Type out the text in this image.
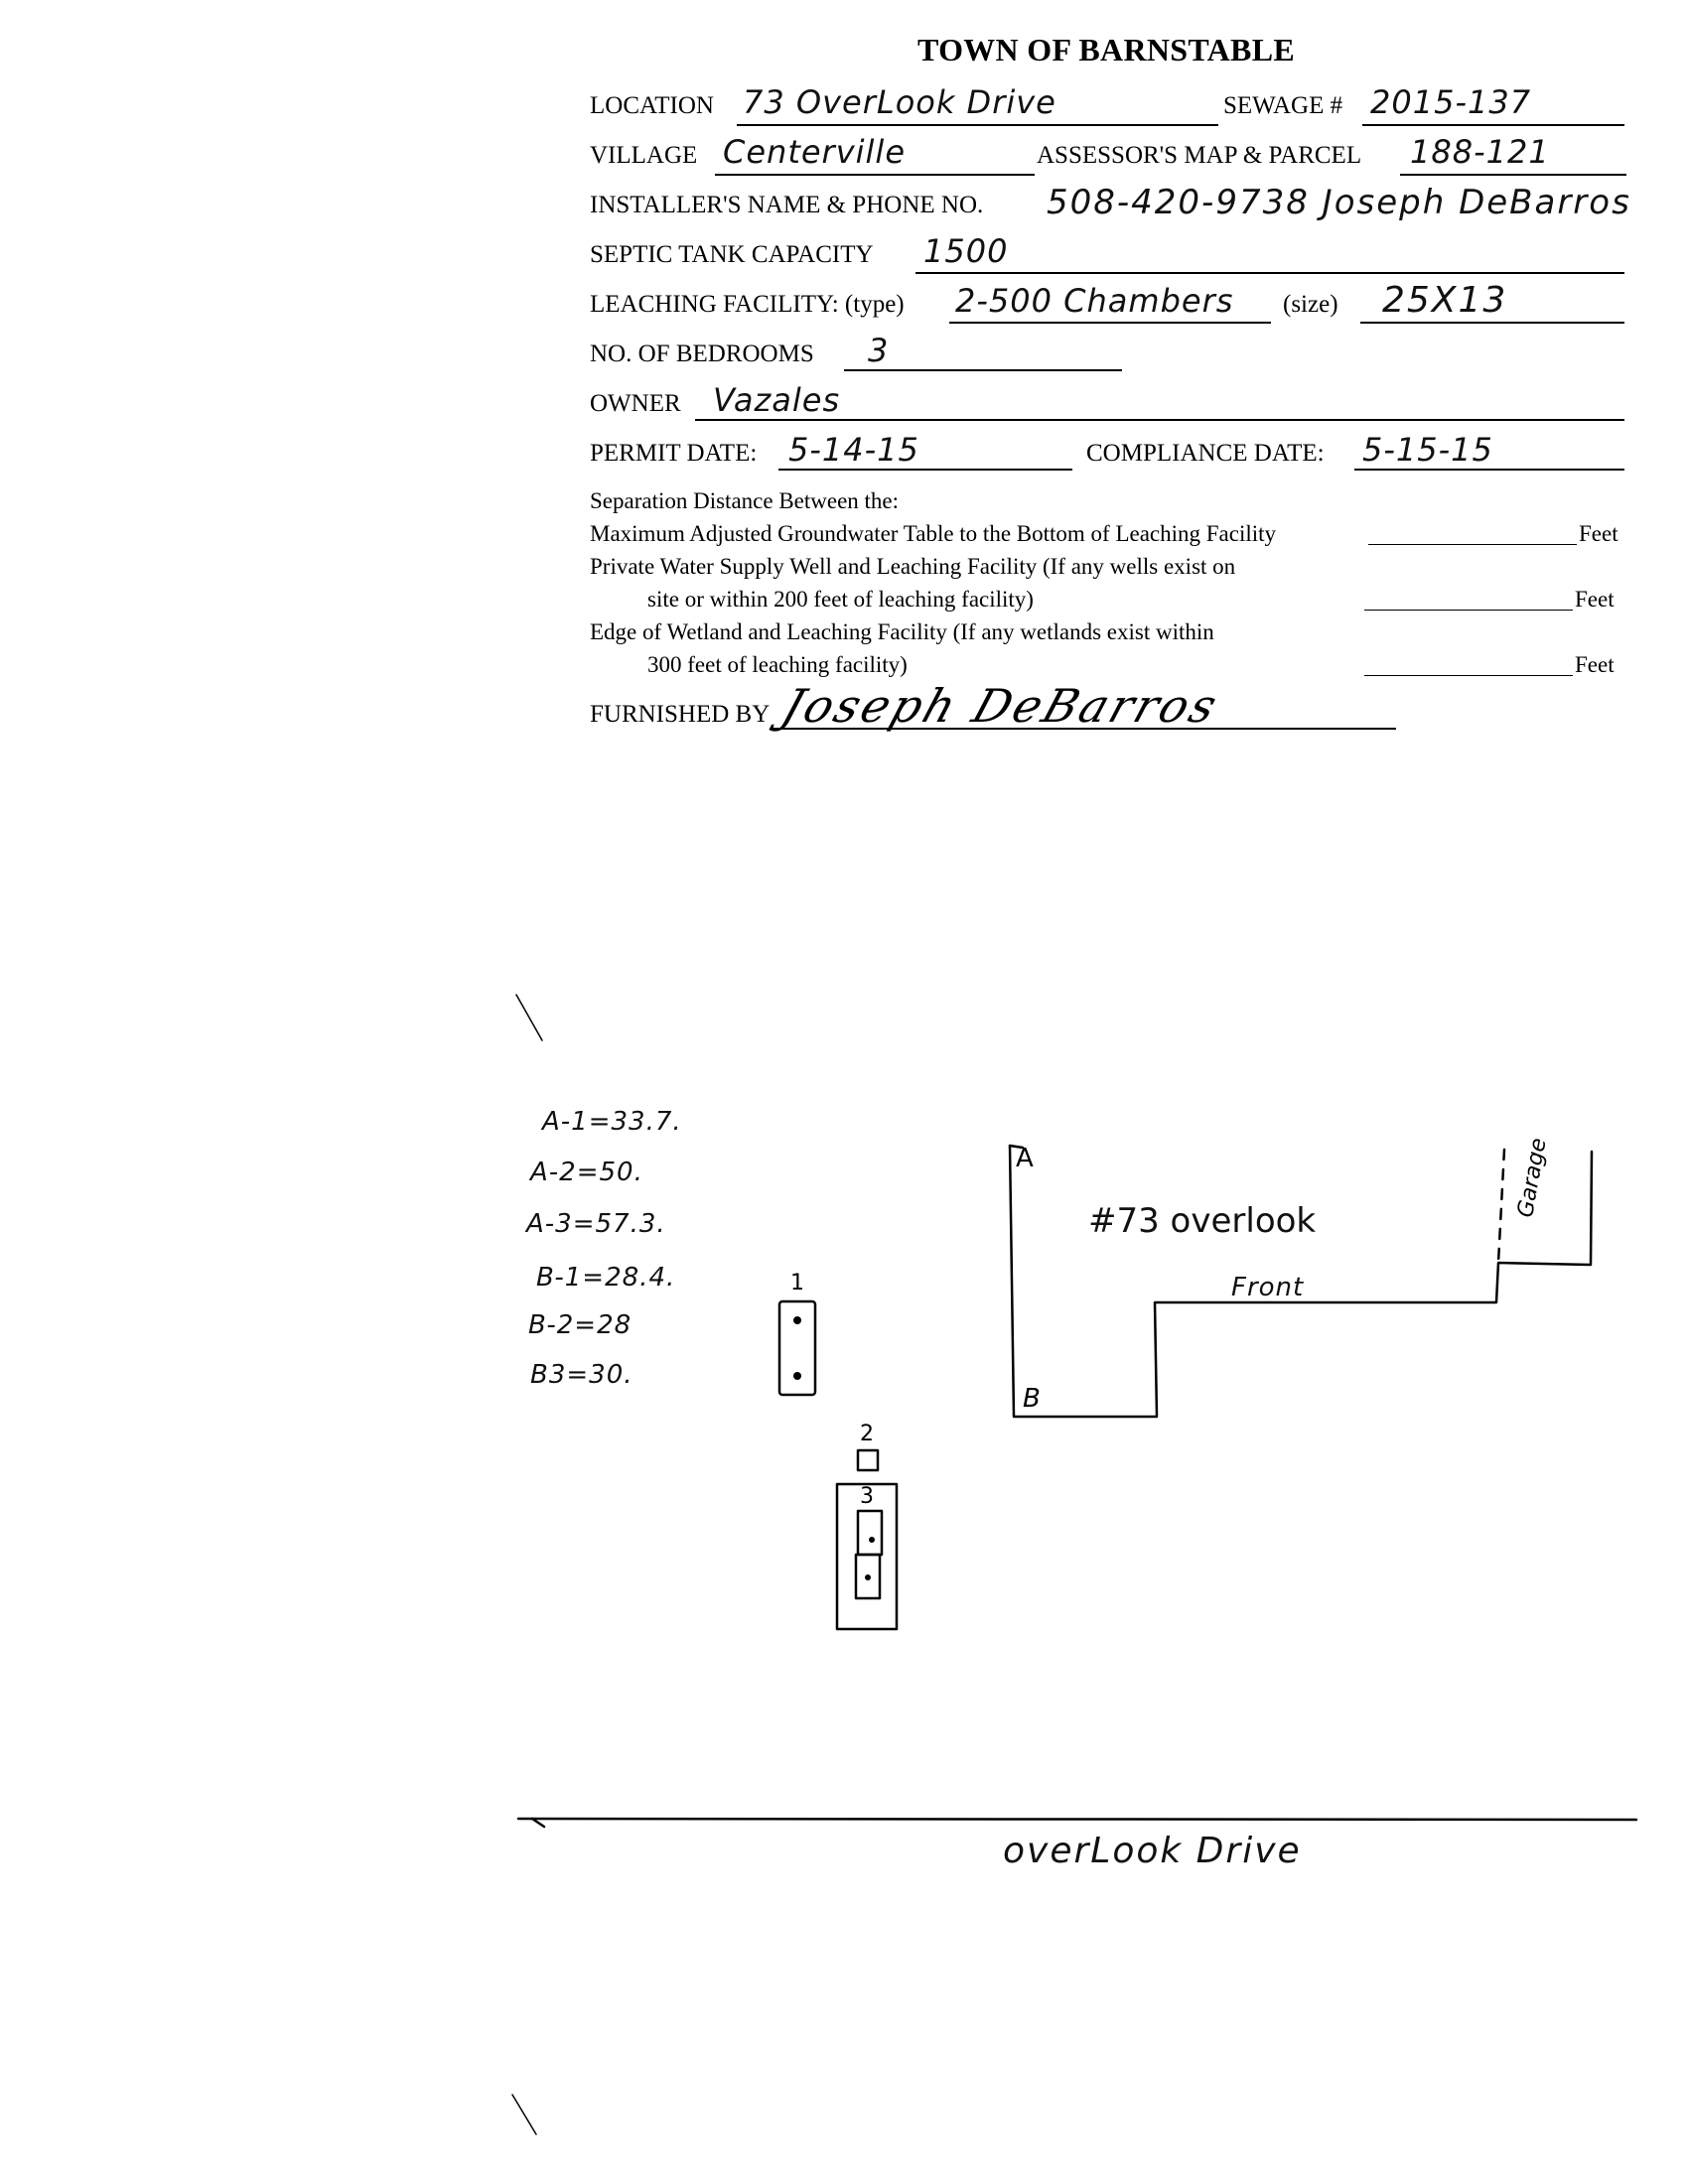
TOWN OF BARNSTABLE
LOCATION 73 OverLook Drive	SEWAGE # 2015-137
VILLAGE Centerville	ASSESSOR'S MAP & PARCEL 188-121
INSTALLER'S NAME & PHONE NO. 508-420-9738 Joseph DeBarros
SEPTIC TANK CAPACITY 1500
LEACHING FACILITY: (type) 2-500 Chambers (size) 25X13
NO. OF BEDROOMS 3
OWNER Vazales
PERMIT DATE: 5-14-15	COMPLIANCE DATE: 5-15-15
Separation Distance Between the:
Maximum Adjusted Groundwater Table to the Bottom of Leaching Facility	Feet
Private Water Supply Well and Leaching Facility (If any wells exist on
site or within 200 feet of leaching facility)	Feet
Edge of Wetland and Leaching Facility (If any wetlands exist within
300 feet of leaching facility)	Feet
FURNISHED BY Joseph DeBarros
A-1=33.7.
A-2=50.
A-3=57.3.
B-1=28.4.
B-2=28
B3=30.
A
B
#73 overlook
Front
Garage
1
2
3
overLook Drive
